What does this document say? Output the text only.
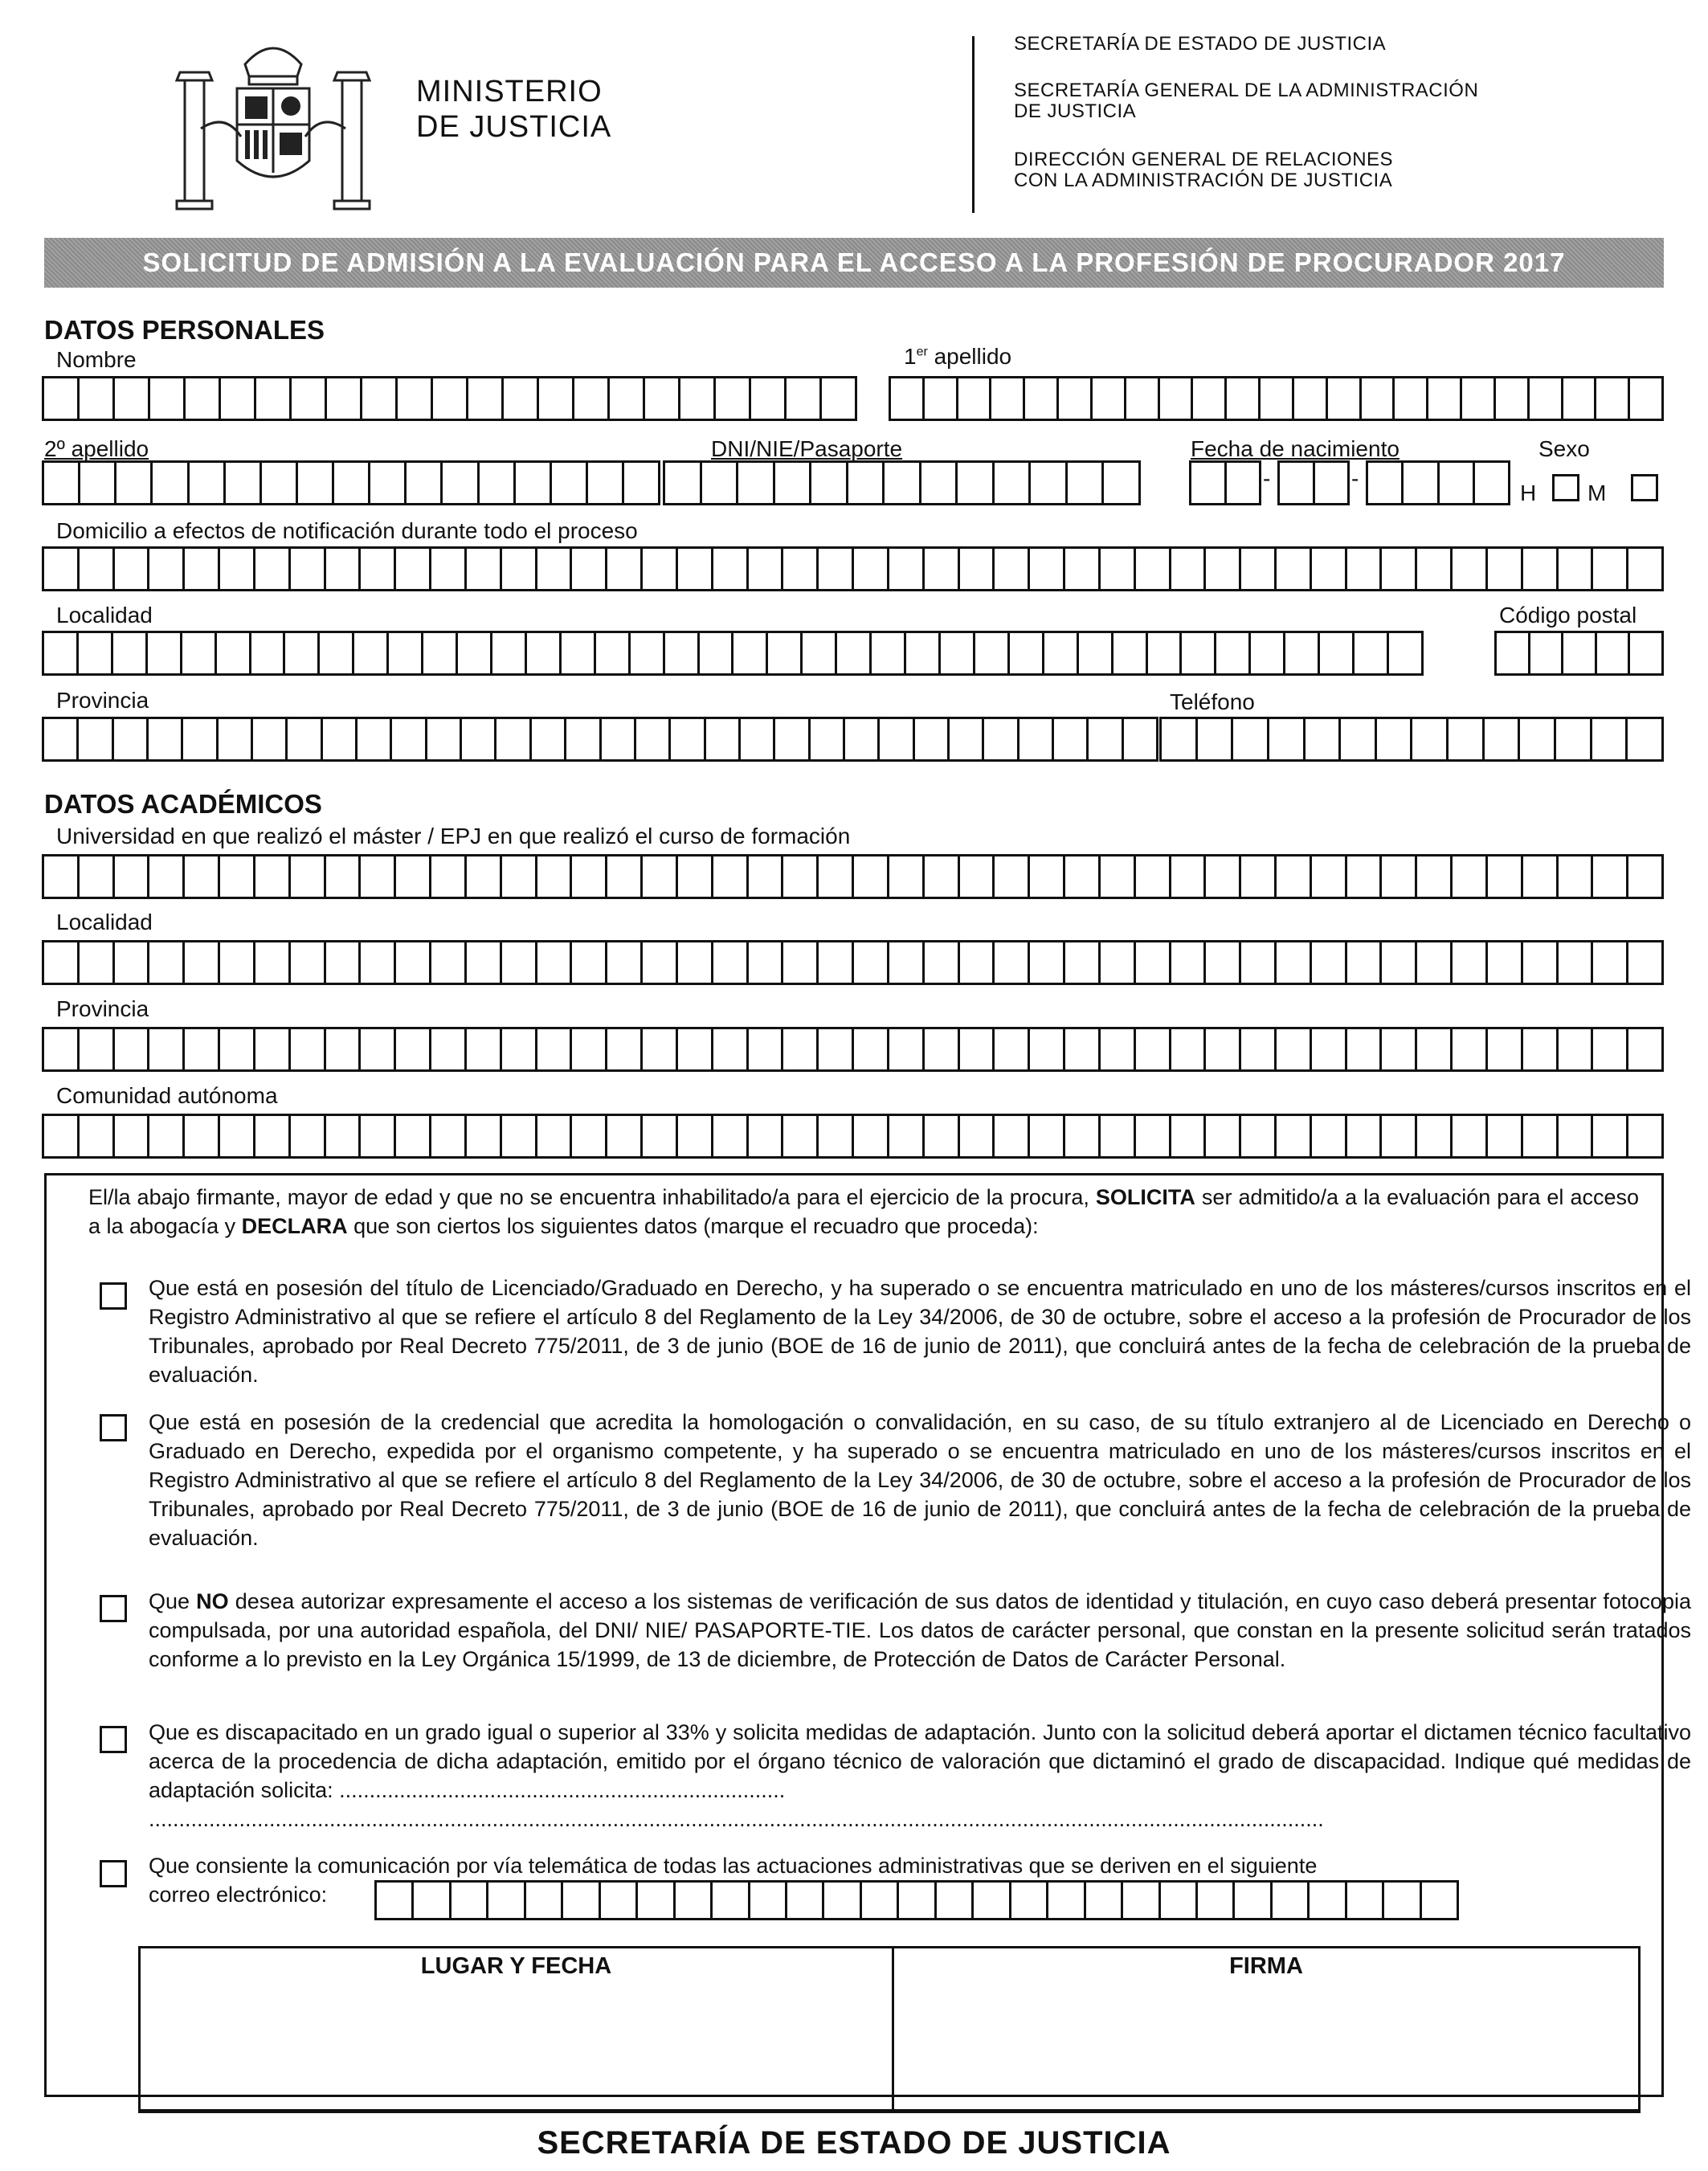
MINISTERIO
DE JUSTICIA
SECRETARÍA DE ESTADO DE JUSTICIA
SECRETARÍA GENERAL DE LA ADMINISTRACIÓN
DE JUSTICIA
DIRECCIÓN GENERAL DE RELACIONES
CON LA ADMINISTRACIÓN DE JUSTICIA
SOLICITUD DE ADMISIÓN A LA EVALUACIÓN PARA EL ACCESO A LA PROFESIÓN DE PROCURADOR 2017
DATOS PERSONALES
Nombre	1er apellido
2º apellido	DNI/NIE/Pasaporte	Fecha de nacimiento	Sexo
-	-
H M
Domicilio a efectos de notificación durante todo el proceso
Localidad	Código postal
Provincia	Teléfono
DATOS ACADÉMICOS
Universidad en que realizó el máster / EPJ en que realizó el curso de formación
Localidad
Provincia
Comunidad autónoma
El/la abajo firmante, mayor de edad y que no se encuentra inhabilitado/a para el ejercicio de la procura, SOLICITA ser admitido/a a la evaluación para el acceso a la abogacía y DECLARA que son ciertos los siguientes datos (marque el recuadro que proceda):
Que está en posesión del título de Licenciado/Graduado en Derecho, y ha superado o se encuentra matriculado en uno de los másteres/cursos inscritos en el Registro Administrativo al que se refiere el artículo 8 del Reglamento de la Ley 34/2006, de 30 de octubre, sobre el acceso a la profesión de Procurador de los Tribunales, aprobado por Real Decreto 775/2011, de 3 de junio (BOE de 16 de junio de 2011), que concluirá antes de la fecha de celebración de la prueba de evaluación.
Que está en posesión de la credencial que acredita la homologación o convalidación, en su caso, de su título extranjero al de Licenciado en Derecho o Graduado en Derecho, expedida por el organismo competente, y ha superado o se encuentra matriculado en uno de los másteres/cursos inscritos en el Registro Administrativo al que se refiere el artículo 8 del Reglamento de la Ley 34/2006, de 30 de octubre, sobre el acceso a la profesión de Procurador de los Tribunales, aprobado por Real Decreto 775/2011, de 3 de junio (BOE de 16 de junio de 2011), que concluirá antes de la fecha de celebración de la prueba de evaluación.
Que NO desea autorizar expresamente el acceso a los sistemas de verificación de sus datos de identidad y titulación, en cuyo caso deberá presentar fotocopia compulsada, por una autoridad española, del DNI/ NIE/ PASAPORTE-TIE. Los datos de carácter personal, que constan en la presente solicitud serán tratados conforme a lo previsto en la Ley Orgánica 15/1999, de 13 de diciembre, de Protección de Datos de Carácter Personal.
Que es discapacitado en un grado igual o superior al 33% y solicita medidas de adaptación. Junto con la solicitud deberá aportar el dictamen técnico facultativo acerca de la procedencia de dicha adaptación, emitido por el órgano técnico de valoración que dictaminó el grado de discapacidad. Indique qué medidas de adaptación solicita: ..........................................................................
...................................................................................................................................................................................................
Que consiente la comunicación por vía telemática de todas las actuaciones administrativas que se deriven en el siguiente
correo electrónico:
LUGAR Y FECHA	FIRMA
SECRETARÍA DE ESTADO DE JUSTICIA
